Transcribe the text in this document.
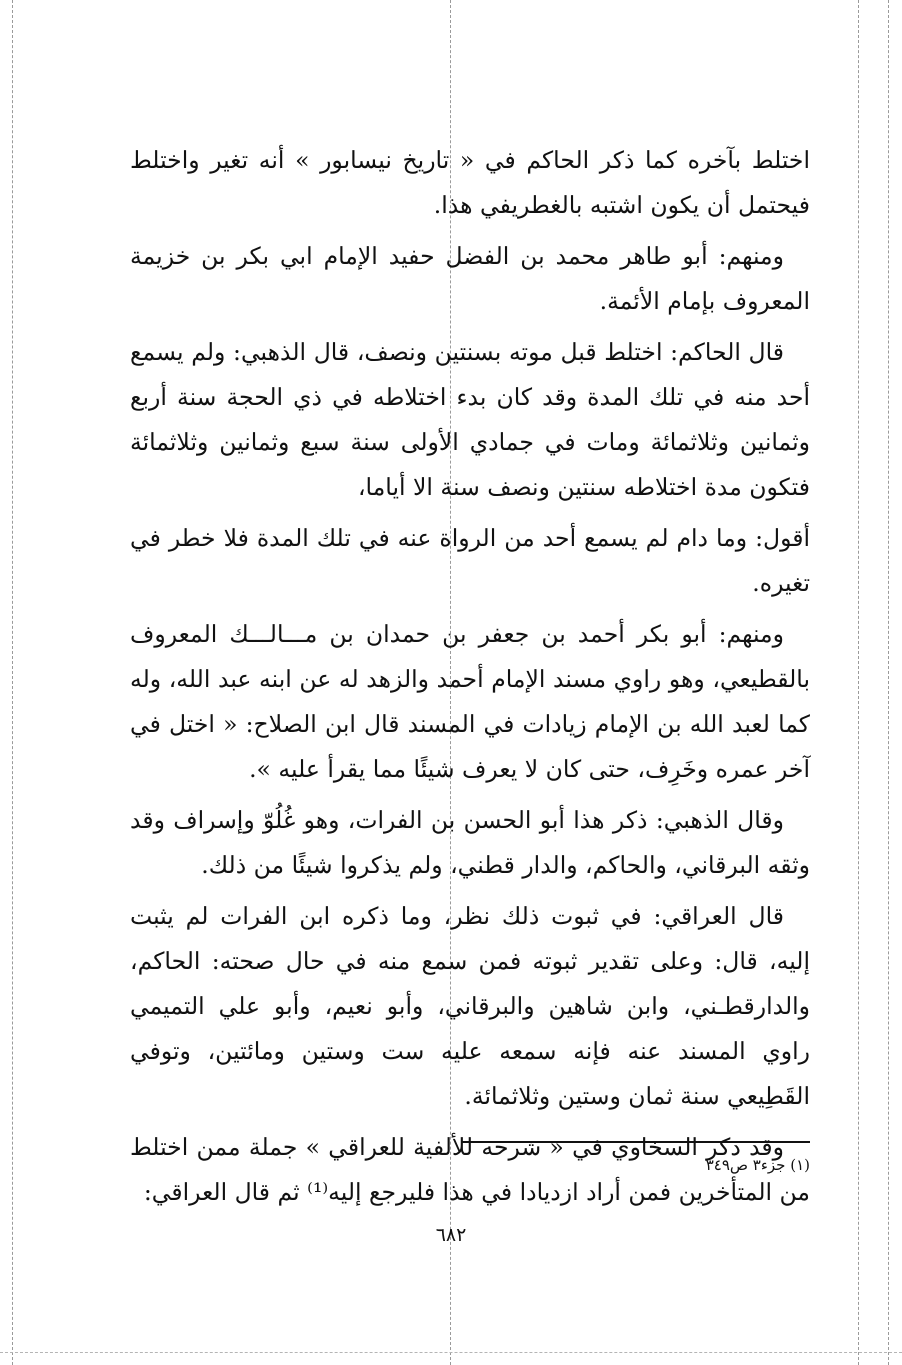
اختلط بآخره كما ذكر الحاكم في « تاريخ نيسابور » أنه تغير واختلط فيحتمل أن يكون اشتبه بالغطريفي هذا.

ومنهم: أبو طاهر محمد بن الفضل حفيد الإمام ابي بكر بن خزيمة المعروف بإمام الأئمة.

قال الحاكم: اختلط قبل موته بسنتين ونصف، قال الذهبي: ولم يسمع أحد منه في تلك المدة وقد كان بدء اختلاطه في ذي الحجة سنة أربع وثمانين وثلاثمائة ومات في جمادي الأولى سنة سبع وثمانين وثلاثمائة فتكون مدة اختلاطه سنتين ونصف سنة الا أياما،

أقول: وما دام لم يسمع أحد من الرواة عنه في تلك المدة فلا خطر في تغيره.

ومنهم: أبو بكر أحمد بن جعفر بن حمدان بن مـــالـــك المعروف بالقطيعي، وهو راوي مسند الإمام أحمد والزهد له عن ابنه عبد الله، وله كما لعبد الله بن الإمام زيادات في المسند قال ابن الصلاح: « اختل في آخر عمره وخَرِف، حتى كان لا يعرف شيئًا مما يقرأ عليه ».

وقال الذهبي: ذكر هذا أبو الحسن بن الفرات، وهو غُلُوّ وإسراف وقد وثقه البرقاني، والحاكم، والدار قطني، ولم يذكروا شيئًا من ذلك.

قال العراقي: في ثبوت ذلك نظر، وما ذكره ابن الفرات لم يثبت إليه، قال: وعلى تقدير ثبوته فمن سمع منه في حال صحته: الحاكم، والدارقطـني، وابن شاهين والبرقاني، وأبو نعيم، وأبو علي التميمي راوي المسند عنه فإنه سمعه عليه ست وستين ومائتين، وتوفي القَطِيعي سنة ثمان وستين وثلاثمائة.

وقد ذكر السخاوي في « شرحه للألفية للعراقي » جملة ممن اختلط من المتأخرين فمن أراد ازديادا في هذا فليرجع إليه⁽¹⁾ ثم قال العراقي:

(١) جزء٣ ص٣٤٩
٦٨٢
